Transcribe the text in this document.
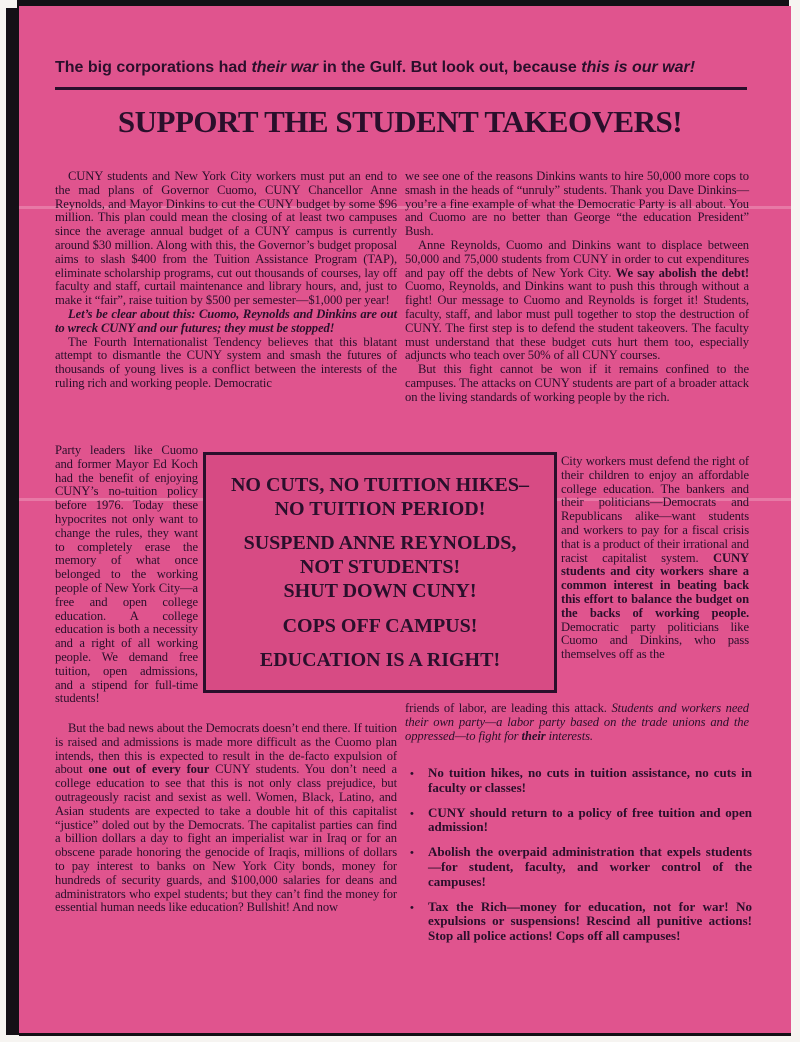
The big corporations had their war in the Gulf. But look out, because this is our war!
SUPPORT THE STUDENT TAKEOVERS!

CUNY students and New York City workers must put an end to the mad plans of Governor Cuomo, CUNY Chancellor Anne Reynolds, and Mayor Dinkins to cut the CUNY budget by some $96 million. This plan could mean the closing of at least two campuses since the average annual budget of a CUNY campus is currently around $30 million. Along with this, the Governor’s budget proposal aims to slash $400 from the Tuition Assistance Program (TAP), eliminate scholarship programs, cut out thousands of courses, lay off faculty and staff, curtail maintenance and library hours, and, just to make it “fair”, raise tuition by $500 per semester—$1,000 per year!

Let’s be clear about this: Cuomo, Reynolds and Dinkins are out to wreck CUNY and our futures; they must be stopped!

The Fourth Internationalist Tendency believes that this blatant attempt to dismantle the CUNY system and smash the futures of thousands of young lives is a conflict between the interests of the ruling rich and working people. Democratic

Party leaders like Cuomo and former Mayor Ed Koch had the benefit of enjoying CUNY’s no-tuition policy before 1976. Today these hypocrites not only want to change the rules, they want to completely erase the memory of what once belonged to the working people of New York City—a free and open college education. A college education is both a necessity and a right of all working people. We demand free tuition, open admissions, and a stipend for full-time students!

But the bad news about the Democrats doesn’t end there. If tuition is raised and admissions is made more difficult as the Cuomo plan intends, then this is expected to result in the de-facto expulsion of about one out of every four CUNY students. You don’t need a college education to see that this is not only class prejudice, but outrageously racist and sexist as well. Women, Black, Latino, and Asian students are expected to take a double hit of this capitalist “justice” doled out by the Democrats. The capitalist parties can find a billion dollars a day to fight an imperialist war in Iraq or for an obscene parade honoring the genocide of Iraqis, millions of dollars to pay interest to banks on New York City bonds, money for hundreds of security guards, and $100,000 salaries for deans and administrators who expel students; but they can’t find the money for essential human needs like education? Bullshit! And now

we see one of the reasons Dinkins wants to hire 50,000 more cops to smash in the heads of “unruly” students. Thank you Dave Dinkins—you’re a fine example of what the Democratic Party is all about. You and Cuomo are no better than George “the education President” Bush.

Anne Reynolds, Cuomo and Dinkins want to displace between 50,000 and 75,000 students from CUNY in order to cut expenditures and pay off the debts of New York City. We say abolish the debt! Cuomo, Reynolds, and Dinkins want to push this through without a fight! Our message to Cuomo and Reynolds is forget it! Students, faculty, staff, and labor must pull together to stop the destruction of CUNY. The first step is to defend the student takeovers. The faculty must understand that these budget cuts hurt them too, especially adjuncts who teach over 50% of all CUNY courses.

But this fight cannot be won if it remains confined to the campuses. The attacks on CUNY students are part of a broader attack on the living standards of working people by the rich.

City workers must defend the right of their children to enjoy an affordable college education. The bankers and their politicians—Democrats and Republicans alike—want students and workers to pay for a fiscal crisis that is a product of their irrational and racist capitalist system. CUNY students and city workers share a common interest in beating back this effort to balance the budget on the backs of working people. Democratic party politicians like Cuomo and Dinkins, who pass themselves off as the

friends of labor, are leading this attack. Students and workers need their own party—a labor party based on the trade unions and the oppressed—to fight for their interests.

NO CUTS, NO TUITION HIKES–
NO TUITION PERIOD!
SUSPEND ANNE REYNOLDS,
NOT STUDENTS!
SHUT DOWN CUNY!
COPS OFF CAMPUS!
EDUCATION IS A RIGHT!
•	No tuition hikes, no cuts in tuition assistance, no cuts in faculty or classes!
•	CUNY should return to a policy of free tuition and open admission!
•	Abolish the overpaid administration that expels students—for student, faculty, and worker control of the campuses!
•	Tax the Rich—money for education, not for war! No expulsions or suspensions! Rescind all punitive actions! Stop all police actions! Cops off all campuses!
